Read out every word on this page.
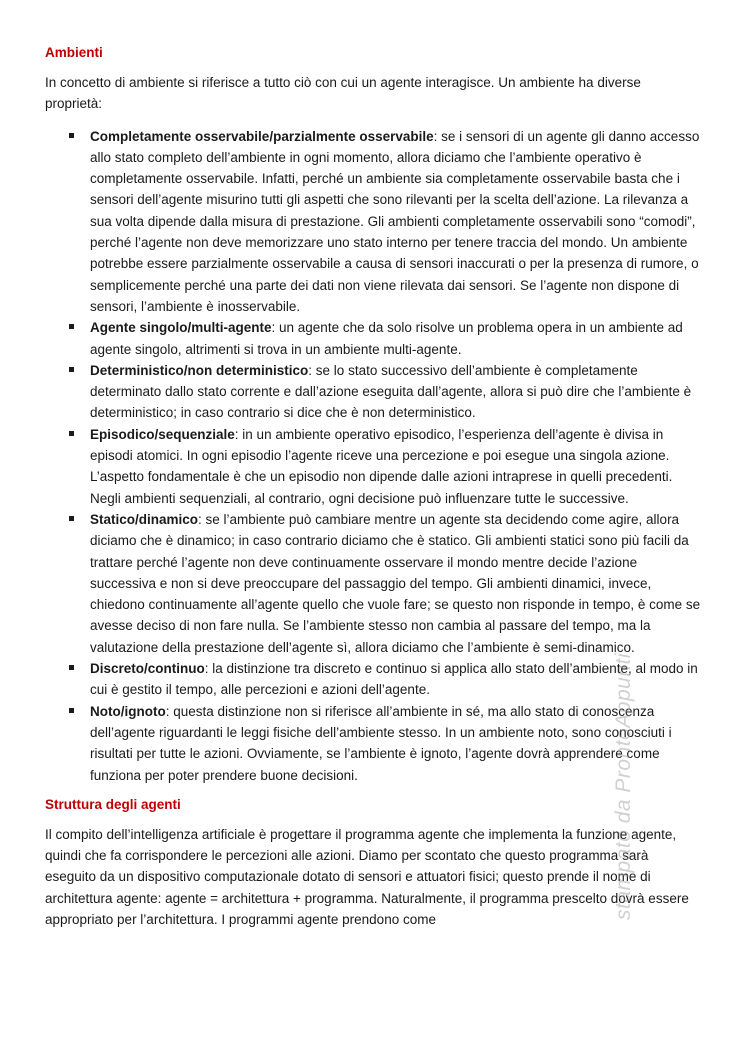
Ambienti

In concetto di ambiente si riferisce a tutto ciò con cui un agente interagisce. Un ambiente ha diverse proprietà:

Completamente osservabile/parzialmente osservabile: se i sensori di un agente gli danno accesso allo stato completo dell’ambiente in ogni momento, allora diciamo che l’ambiente operativo è completamente osservabile. Infatti, perché un ambiente sia completamente osservabile basta che i sensori dell’agente misurino tutti gli aspetti che sono rilevanti per la scelta dell’azione. La rilevanza a sua volta dipende dalla misura di prestazione. Gli ambienti completamente osservabili sono “comodi”, perché l’agente non deve memorizzare uno stato interno per tenere traccia del mondo. Un ambiente potrebbe essere parzialmente osservabile a causa di sensori inaccurati o per la presenza di rumore, o semplicemente perché una parte dei dati non viene rilevata dai sensori. Se l’agente non dispone di sensori, l’ambiente è inosservabile.
Agente singolo/multi-agente: un agente che da solo risolve un problema opera in un ambiente ad agente singolo, altrimenti si trova in un ambiente multi-agente.
Deterministico/non deterministico: se lo stato successivo dell’ambiente è completamente determinato dallo stato corrente e dall’azione eseguita dall’agente, allora si può dire che l’ambiente è deterministico; in caso contrario si dice che è non deterministico.
Episodico/sequenziale: in un ambiente operativo episodico, l’esperienza dell’agente è divisa in episodi atomici. In ogni episodio l’agente riceve una percezione e poi esegue una singola azione. L’aspetto fondamentale è che un episodio non dipende dalle azioni intraprese in quelli precedenti. Negli ambienti sequenziali, al contrario, ogni decisione può influenzare tutte le successive.
Statico/dinamico: se l’ambiente può cambiare mentre un agente sta decidendo come agire, allora diciamo che è dinamico; in caso contrario diciamo che è statico. Gli ambienti statici sono più facili da trattare perché l’agente non deve continuamente osservare il mondo mentre decide l’azione successiva e non si deve preoccupare del passaggio del tempo. Gli ambienti dinamici, invece, chiedono continuamente all’agente quello che vuole fare; se questo non risponde in tempo, è come se avesse deciso di non fare nulla. Se l’ambiente stesso non cambia al passare del tempo, ma la valutazione della prestazione dell’agente sì, allora diciamo che l’ambiente è semi-dinamico.
Discreto/continuo: la distinzione tra discreto e continuo si applica allo stato dell’ambiente, al modo in cui è gestito il tempo, alle percezioni e azioni dell’agente.
Noto/ignoto: questa distinzione non si riferisce all’ambiente in sé, ma allo stato di conoscenza dell’agente riguardanti le leggi fisiche dell’ambiente stesso. In un ambiente noto, sono conosciuti i risultati per tutte le azioni. Ovviamente, se l’ambiente è ignoto, l’agente dovrà apprendere come funziona per poter prendere buone decisioni.
Struttura degli agenti

Il compito dell’intelligenza artificiale è progettare il programma agente che implementa la funzione agente, quindi che fa corrispondere le percezioni alle azioni. Diamo per scontato che questo programma sarà eseguito da un dispositivo computazionale dotato di sensori e attuatori fisici; questo prende il nome di architettura agente: agente = architettura + programma. Naturalmente, il programma prescelto dovrà essere appropriato per l’architettura. I programmi agente prendono come	stampato da ProntoAppunti
